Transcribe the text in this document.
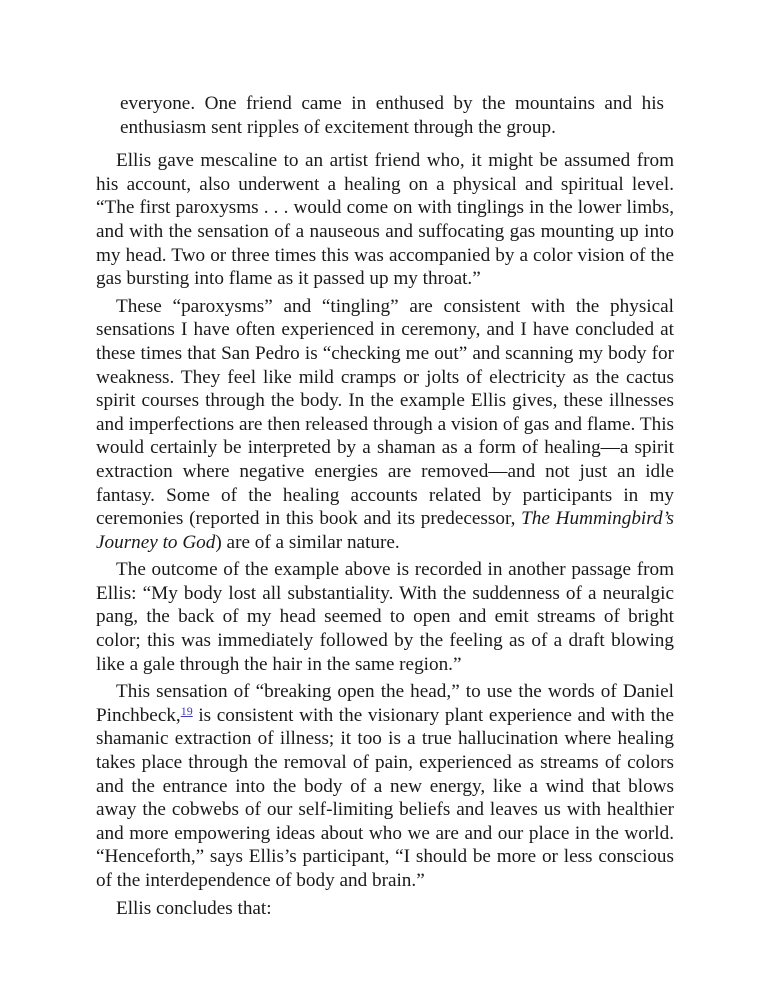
everyone. One friend came in enthused by the mountains and his enthusiasm sent ripples of excitement through the group.

Ellis gave mescaline to an artist friend who, it might be assumed from his account, also underwent a healing on a physical and spiritual level. “The first paroxysms . . . would come on with tinglings in the lower limbs, and with the sensation of a nauseous and suffocating gas mounting up into my head. Two or three times this was accompanied by a color vision of the gas bursting into flame as it passed up my throat.”

These “paroxysms” and “tingling” are consistent with the physical sensations I have often experienced in ceremony, and I have concluded at these times that San Pedro is “checking me out” and scanning my body for weakness. They feel like mild cramps or jolts of electricity as the cactus spirit courses through the body. In the example Ellis gives, these illnesses and imperfections are then released through a vision of gas and flame. This would certainly be interpreted by a shaman as a form of healing—a spirit extraction where negative energies are removed—and not just an idle fantasy. Some of the healing accounts related by participants in my ceremonies (reported in this book and its predecessor, The Hummingbird’s Journey to God) are of a similar nature.

The outcome of the example above is recorded in another passage from Ellis: “My body lost all substantiality. With the suddenness of a neuralgic pang, the back of my head seemed to open and emit streams of bright color; this was immediately followed by the feeling as of a draft blowing like a gale through the hair in the same region.”

This sensation of “breaking open the head,” to use the words of Daniel Pinchbeck,$^{19}$ is consistent with the visionary plant experience and with the shamanic extraction of illness; it too is a true hallucination where healing takes place through the removal of pain, experienced as streams of colors and the entrance into the body of a new energy, like a wind that blows away the cobwebs of our self-limiting beliefs and leaves us with healthier and more empowering ideas about who we are and our place in the world. “Henceforth,” says Ellis’s participant, “I should be more or less conscious of the interdependence of body and brain.”

Ellis concludes that:
